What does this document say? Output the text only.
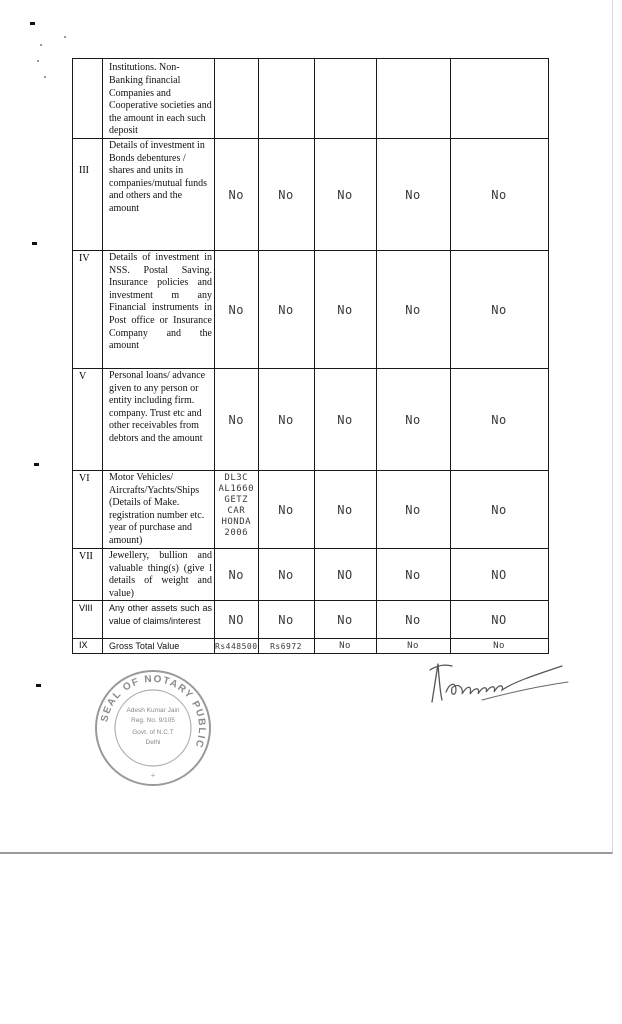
	Institutions. Non-Banking financial Companies and Cooperative societies and the amount in each such deposit					
III	Details of investment in Bonds debentures / shares and units in companies/mutual funds and others and the amount	No	No	No	No	No
IV	Details of investment in NSS. Postal Saving. Insurance policies and investment m any Financial instruments in Post office or Insurance Company and the amount	No	No	No	No	No
V	Personal loans/ advance given to any person or entity including firm. company. Trust etc and other receivables from debtors and the amount	No	No	No	No	No
VI	Motor Vehicles/ Aircrafts/Yachts/Ships (Details of Make. registration number etc. year of purchase and amount)	DL3C AL1660 GETZ CAR HONDA 2006	No	No	No	No
VII	Jewellery, bullion and valuable thing(s) (give l details of weight and value)	No	No	NO	No	NO
VIII	Any other assets such as value of claims/interest	NO	No	No	No	NO
IX	Gross Total Value	Rs448500	Rs6972	No	No	No
SEAL OF NOTARY PUBLIC
Adesh Kumar Jain
Reg. No. 9/105
Govt. of N.C.T
Delhi
+
